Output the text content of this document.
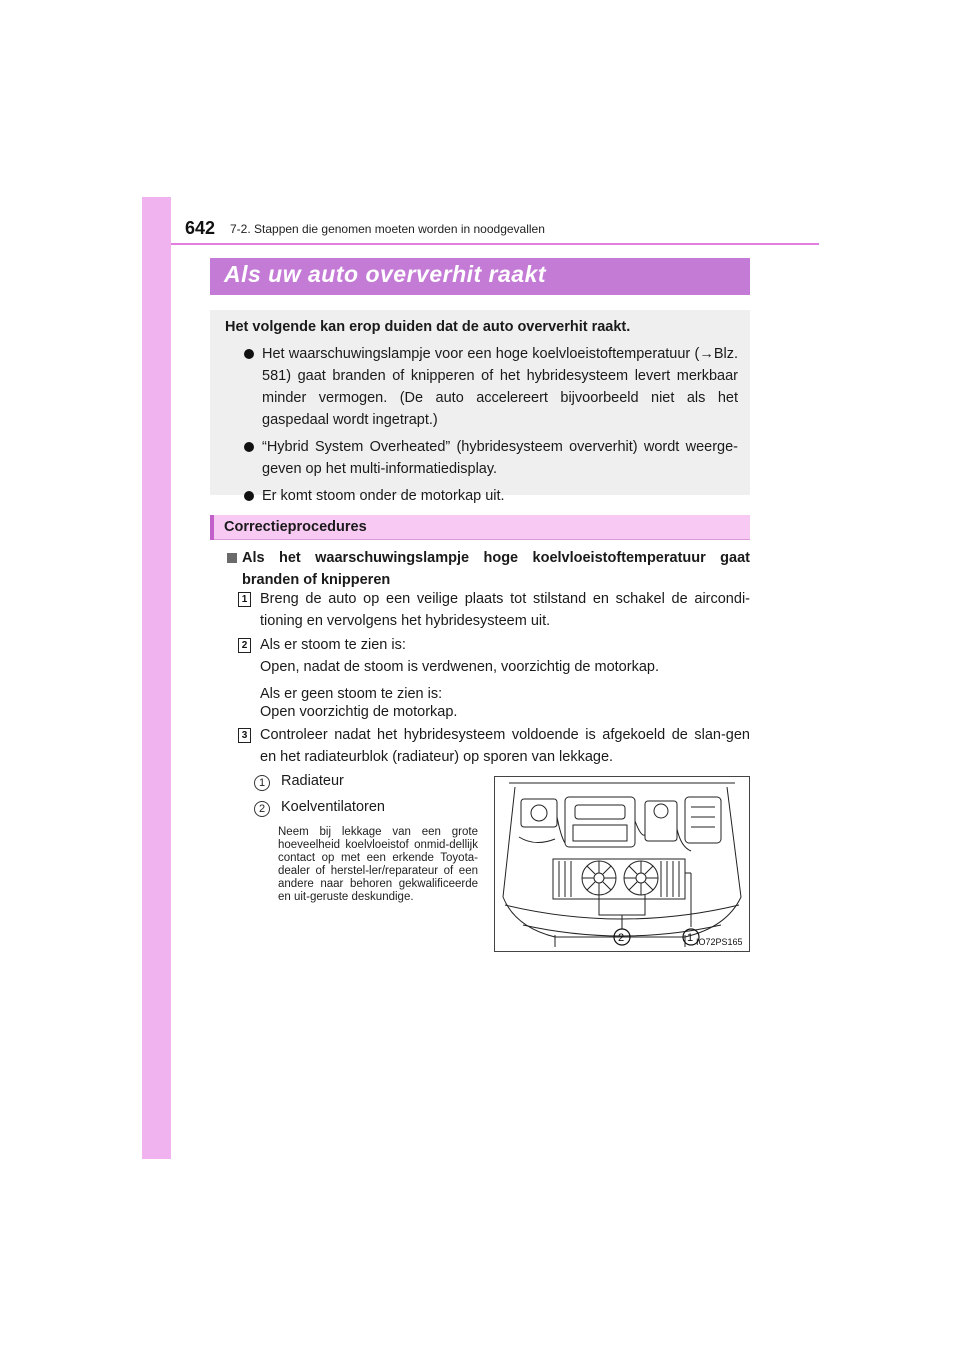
642 7-2. Stappen die genomen moeten worden in noodgevallen
Als uw auto oververhit raakt
Het volgende kan erop duiden dat de auto oververhit raakt.
Het waarschuwingslampje voor een hoge koelvloeistoftemperatuur (→Blz. 581) gaat branden of knipperen of het hybridesysteem levert merkbaar minder vermogen. (De auto accelereert bijvoorbeeld niet als het gaspedaal wordt ingetrapt.)
“Hybrid System Overheated” (hybridesysteem oververhit) wordt weerge-geven op het multi-informatiedisplay.
Er komt stoom onder de motorkap uit.
Correctieprocedures
Als het waarschuwingslampje hoge koelvloeistoftemperatuur gaat branden of knipperen
1 Breng de auto op een veilige plaats tot stilstand en schakel de aircondi-tioning en vervolgens het hybridesysteem uit.
2 Als er stoom te zien is:
Open, nadat de stoom is verdwenen, voorzichtig de motorkap.
Als er geen stoom te zien is:
Open voorzichtig de motorkap.
3 Controleer nadat het hybridesysteem voldoende is afgekoeld de slan-gen en het radiateurblok (radiateur) op sporen van lekkage.
1	Radiateur
2	Koelventilatoren
Neem bij lekkage van een grote hoeveelheid koelvloeistof onmid-dellijk contact op met een erkende Toyota-dealer of herstel-ler/reparateur of een andere naar behoren gekwalificeerde en uit-geruste deskundige.
2	1 IO72PS165
